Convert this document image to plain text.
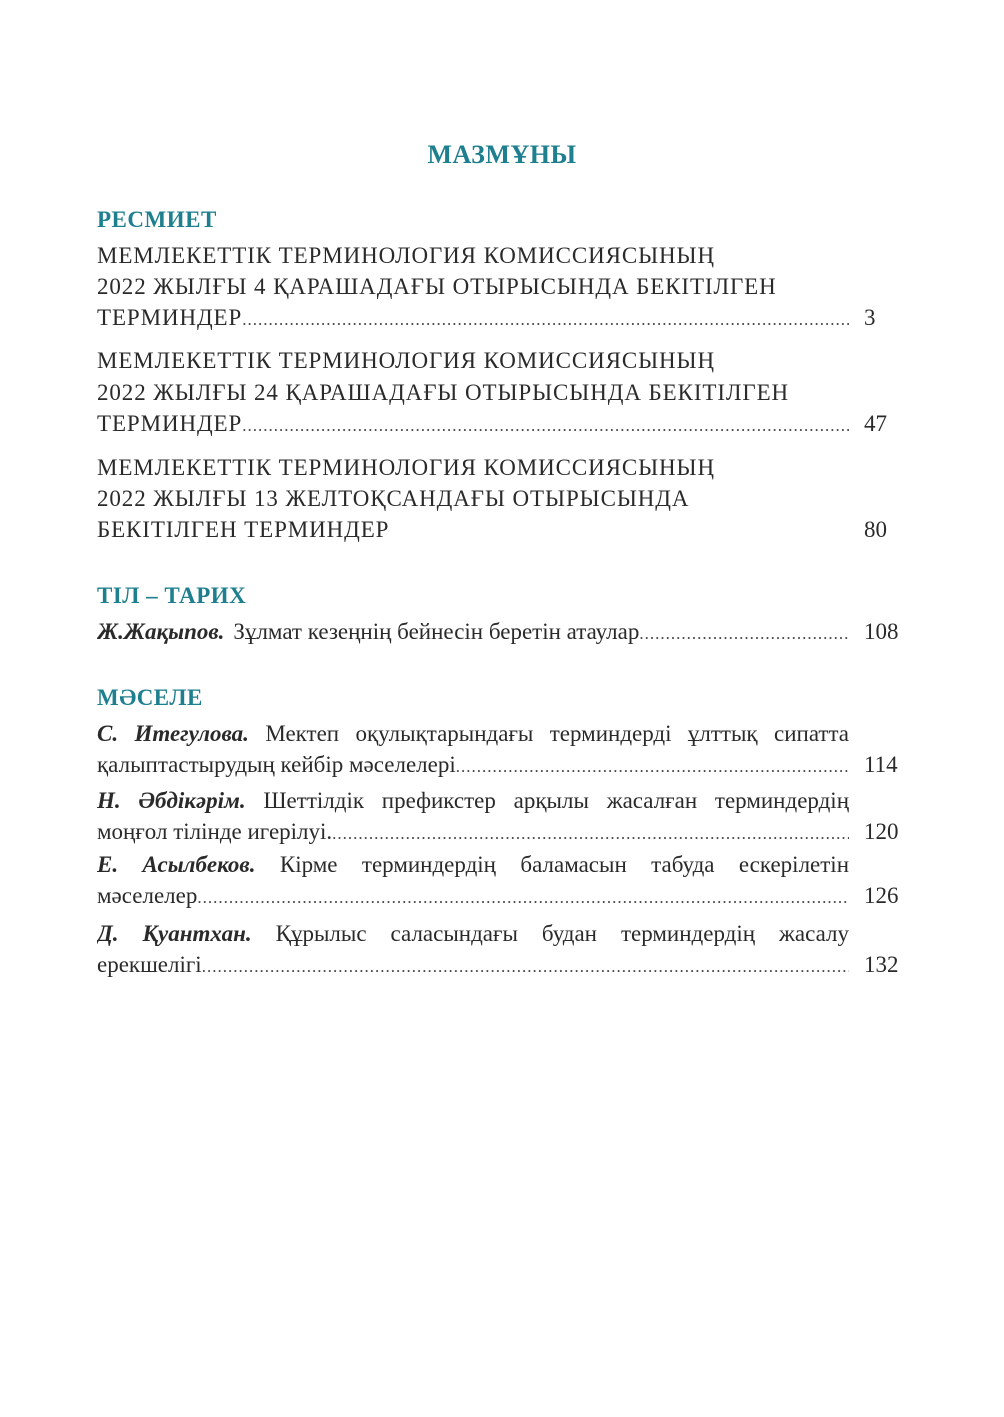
МАЗМҰНЫ
РЕСМИЕТ
МЕМЛЕКЕТТІК ТЕРМИНОЛОГИЯ КОМИССИЯСЫНЫҢ
2022 ЖЫЛҒЫ 4 ҚАРАШАДАҒЫ ОТЫРЫСЫНДА БЕКІТІЛГЕН
ТЕРМИНДЕР .....	3
МЕМЛЕКЕТТІК ТЕРМИНОЛОГИЯ КОМИССИЯСЫНЫҢ
2022 ЖЫЛҒЫ 24 ҚАРАШАДАҒЫ ОТЫРЫСЫНДА БЕКІТІЛГЕН
ТЕРМИНДЕР .....	47
МЕМЛЕКЕТТІК ТЕРМИНОЛОГИЯ КОМИССИЯСЫНЫҢ
2022 ЖЫЛҒЫ 13 ЖЕЛТОҚСАНДАҒЫ ОТЫРЫСЫНДА
БЕКІТІЛГЕН ТЕРМИНДЕР	80
ТІЛ – ТАРИХ
Ж.Жақыпов. Зұлмат кезеңнің бейнесін беретін атаулар .....	108
МӘСЕЛЕ
С. Итегулова. Мектеп оқулықтарындағы терминдерді ұлттық сипатта
қалыптастырудың кейбір мәселелері .....	114
Н. Әбдікәрім. Шеттілдік префикстер арқылы жасалған терминдердің
моңғол тілінде игерілуі. .....	120
Е. Асылбеков. Кірме терминдердің баламасын табуда ескерілетін
мәселелер .....	126
Д. Қуантхан. Құрылыс саласындағы будан терминдердің жасалу
ерекшелігі .....	132
